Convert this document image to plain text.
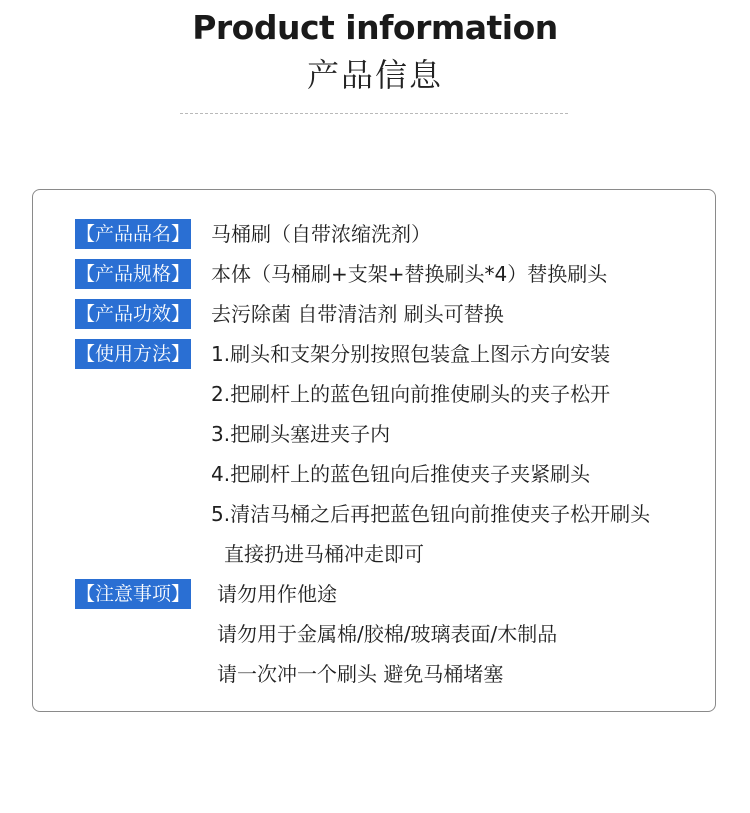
Product information
产品信息
【产品品名】 马桶刷（自带浓缩洗剂）
【产品规格】 本体（马桶刷+支架+替换刷头*4）替换刷头
【产品功效】 去污除菌 自带清洁剂 刷头可替换
【使用方法】 1.刷头和支架分别按照包装盒上图示方向安装
2.把刷杆上的蓝色钮向前推使刷头的夹子松开
3.把刷头塞进夹子内
4.把刷杆上的蓝色钮向后推使夹子夹紧刷头
5.清洁马桶之后再把蓝色钮向前推使夹子松开刷头
直接扔进马桶冲走即可
【注意事项】 请勿用作他途
请勿用于金属棉/胶棉/玻璃表面/木制品
请一次冲一个刷头 避免马桶堵塞
